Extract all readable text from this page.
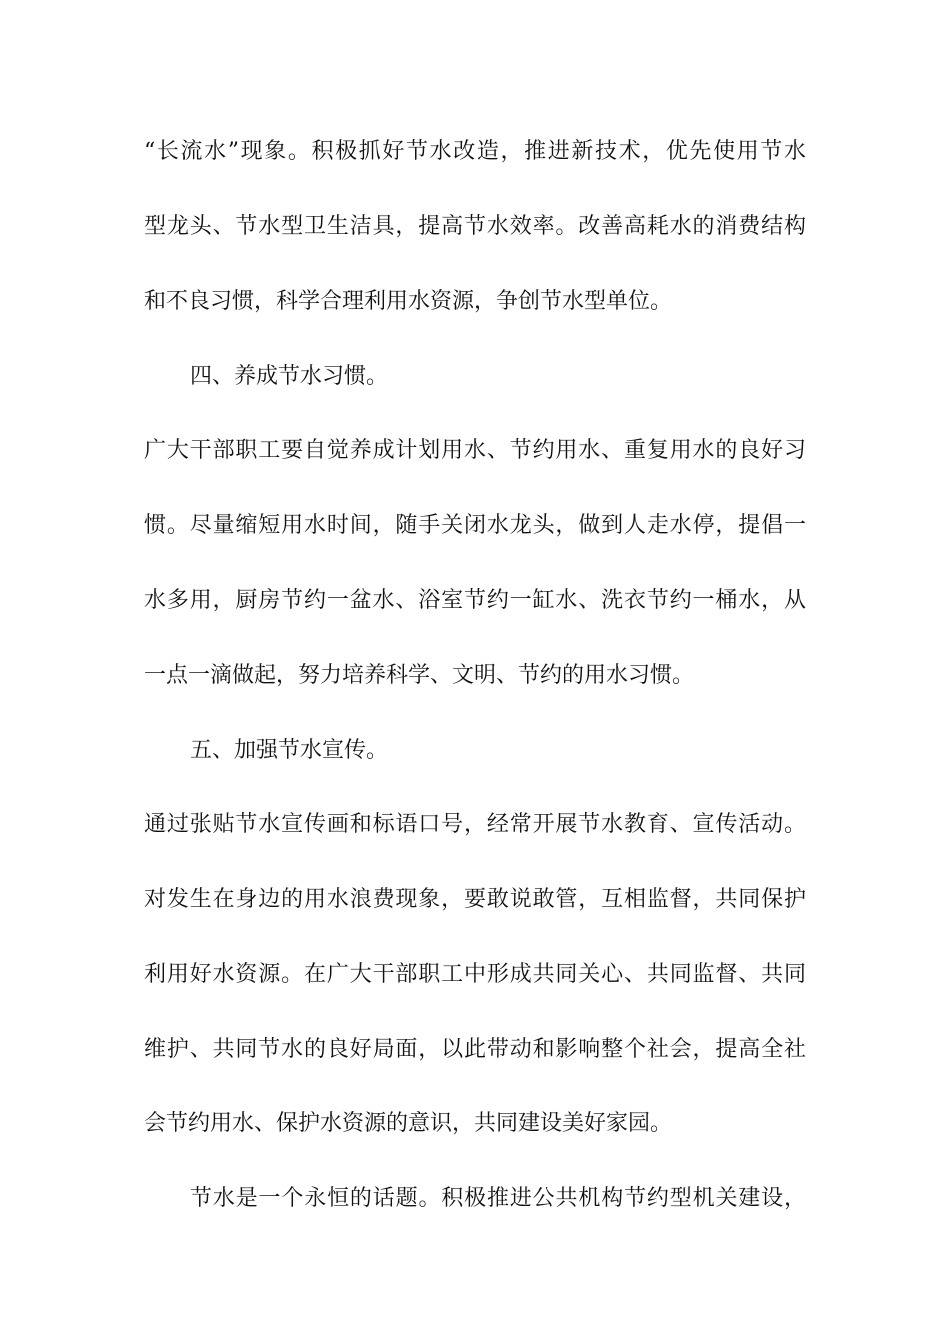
“长流水”现象。积极抓好节水改造，推进新技术，优先使用节水
型龙头、节水型卫生洁具，提高节水效率。改善高耗水的消费结构
和不良习惯，科学合理利用水资源，争创节水型单位。
四、养成节水习惯。
广大干部职工要自觉养成计划用水、节约用水、重复用水的良好习
惯。尽量缩短用水时间，随手关闭水龙头，做到人走水停，提倡一
水多用，厨房节约一盆水、浴室节约一缸水、洗衣节约一桶水，从
一点一滴做起，努力培养科学、文明、节约的用水习惯。
五、加强节水宣传。
通过张贴节水宣传画和标语口号，经常开展节水教育、宣传活动。
对发生在身边的用水浪费现象，要敢说敢管，互相监督，共同保护
利用好水资源。在广大干部职工中形成共同关心、共同监督、共同
维护、共同节水的良好局面，以此带动和影响整个社会，提高全社
会节约用水、保护水资源的意识，共同建设美好家园。
节水是一个永恒的话题。积极推进公共机构节约型机关建设，
